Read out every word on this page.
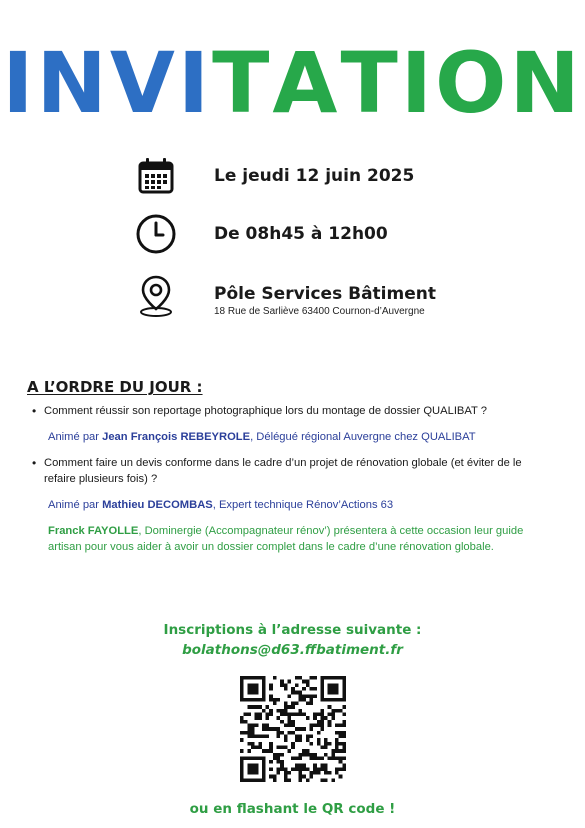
INVITATION
Le jeudi 12 juin 2025
De 08h45 à 12h00
Pôle Services Bâtiment
18 Rue de Sarliève 63400 Cournon-d’Auvergne
A L’ORDRE DU JOUR :
• Comment réussir son reportage photographique lors du montage de dossier QUALIBAT ?
Animé par Jean François REBEYROLE, Délégué régional Auvergne chez QUALIBAT
• Comment faire un devis conforme dans le cadre d’un projet de rénovation globale (et éviter de le refaire plusieurs fois) ?
Animé par Mathieu DECOMBAS, Expert technique Rénov’Actions 63
Franck FAYOLLE, Dominergie (Accompagnateur rénov’) présentera à cette occasion leur guide artisan pour vous aider à avoir un dossier complet dans le cadre d’une rénovation globale.
Inscriptions à l’adresse suivante :
bolathons@d63.ffbatiment.fr
ou en flashant le QR code !
